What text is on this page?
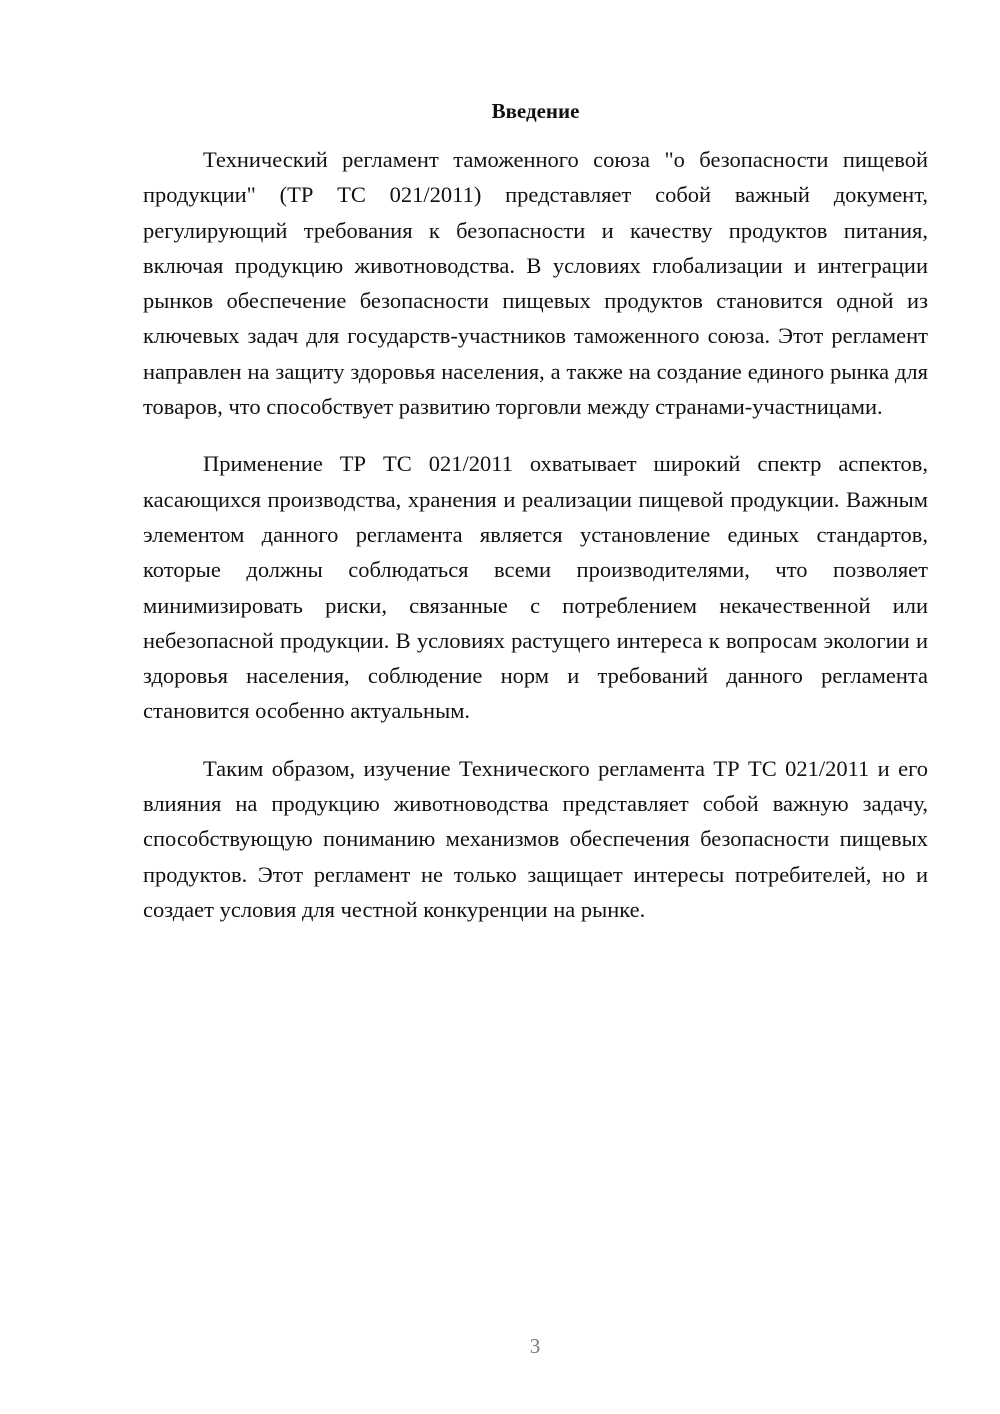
Введение

Технический регламент таможенного союза "о безопасности пищевой продукции" (ТР ТС 021/2011) представляет собой важный документ, регулирующий требования к безопасности и качеству продуктов питания, включая продукцию животноводства. В условиях глобализации и интеграции рынков обеспечение безопасности пищевых продуктов становится одной из ключевых задач для государств-участников таможенного союза. Этот регламент направлен на защиту здоровья населения, а также на создание единого рынка для товаров, что способствует развитию торговли между странами-участницами.

Применение ТР ТС 021/2011 охватывает широкий спектр аспектов, касающихся производства, хранения и реализации пищевой продукции. Важным элементом данного регламента является установление единых стандартов, которые должны соблюдаться всеми производителями, что позволяет минимизировать риски, связанные с потреблением некачественной или небезопасной продукции. В условиях растущего интереса к вопросам экологии и здоровья населения, соблюдение норм и требований данного регламента становится особенно актуальным.

Таким образом, изучение Технического регламента ТР ТС 021/2011 и его влияния на продукцию животноводства представляет собой важную задачу, способствующую пониманию механизмов обеспечения безопасности пищевых продуктов. Этот регламент не только защищает интересы потребителей, но и создает условия для честной конкуренции на рынке.

3
